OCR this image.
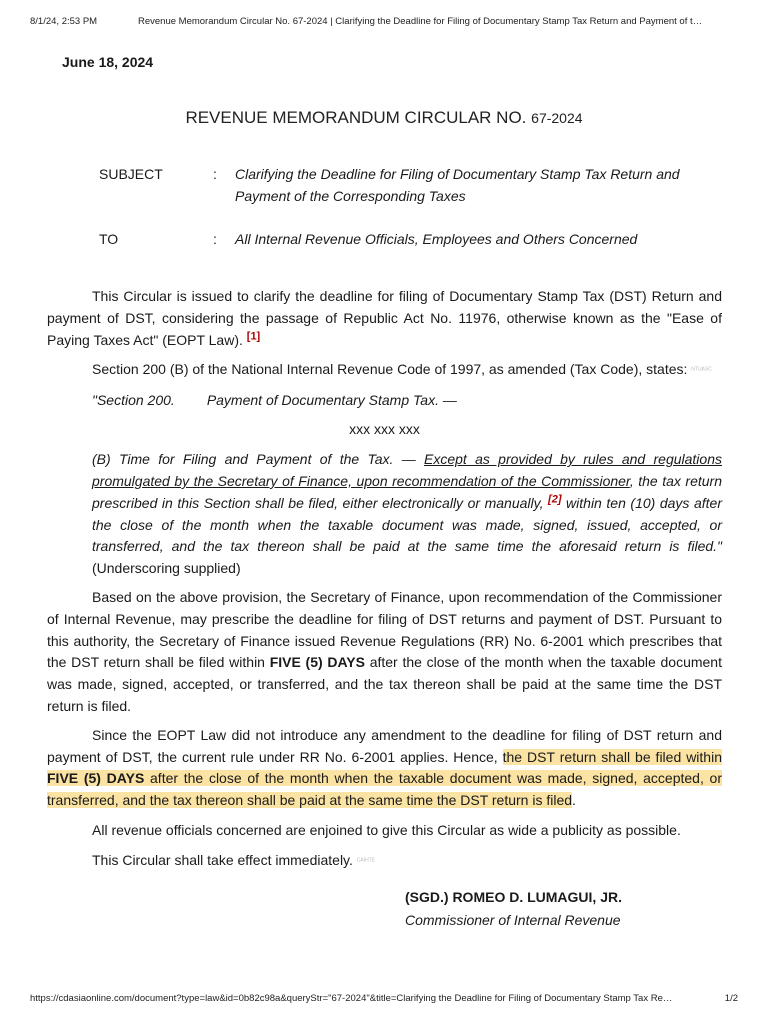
8/1/24, 2:53 PM	Revenue Memorandum Circular No. 67-2024 | Clarifying the Deadline for Filing of Documentary Stamp Tax Return and Payment of t…
June 18, 2024
REVENUE MEMORANDUM CIRCULAR NO. 67-2024
SUBJECT	: Clarifying the Deadline for Filing of Documentary Stamp Tax Return and
Payment of the Corresponding Taxes
TO	: All Internal Revenue Officials, Employees and Others Concerned

This Circular is issued to clarify the deadline for filing of Documentary Stamp Tax (DST) Return and payment of DST, considering the passage of Republic Act No. 11976, otherwise known as the "Ease of Paying Taxes Act" (EOPT Law). [1]

Section 200 (B) of the National Internal Revenue Code of 1997, as amended (Tax Code), states: NTUASC

"Section 200. Payment of Documentary Stamp Tax. —

xxx xxx xxx

(B) Time for Filing and Payment of the Tax. — Except as provided by rules and regulations promulgated by the Secretary of Finance, upon recommendation of the Commissioner, the tax return prescribed in this Section shall be filed, either electronically or manually, [2] within ten (10) days after the close of the month when the taxable document was made, signed, issued, accepted, or transferred, and the tax thereon shall be paid at the same time the aforesaid return is filed." (Underscoring supplied)

Based on the above provision, the Secretary of Finance, upon recommendation of the Commissioner of Internal Revenue, may prescribe the deadline for filing of DST returns and payment of DST. Pursuant to this authority, the Secretary of Finance issued Revenue Regulations (RR) No. 6-2001 which prescribes that the DST return shall be filed within FIVE (5) DAYS after the close of the month when the taxable document was made, signed, accepted, or transferred, and the tax thereon shall be paid at the same time the DST return is filed.

Since the EOPT Law did not introduce any amendment to the deadline for filing of DST return and payment of DST, the current rule under RR No. 6-2001 applies. Hence, the DST return shall be filed within FIVE (5) DAYS after the close of the month when the taxable document was made, signed, accepted, or transferred, and the tax thereon shall be paid at the same time the DST return is filed.

All revenue officials concerned are enjoined to give this Circular as wide a publicity as possible.

This Circular shall take effect immediately. CAIHTE

(SGD.) ROMEO D. LUMAGUI, JR.
Commissioner of Internal Revenue
https://cdasiaonline.com/document?type=law&id=0b82c98a&queryStr="67-2024"&title=Clarifying the Deadline for Filing of Documentary Stamp Tax Re…	1/2
